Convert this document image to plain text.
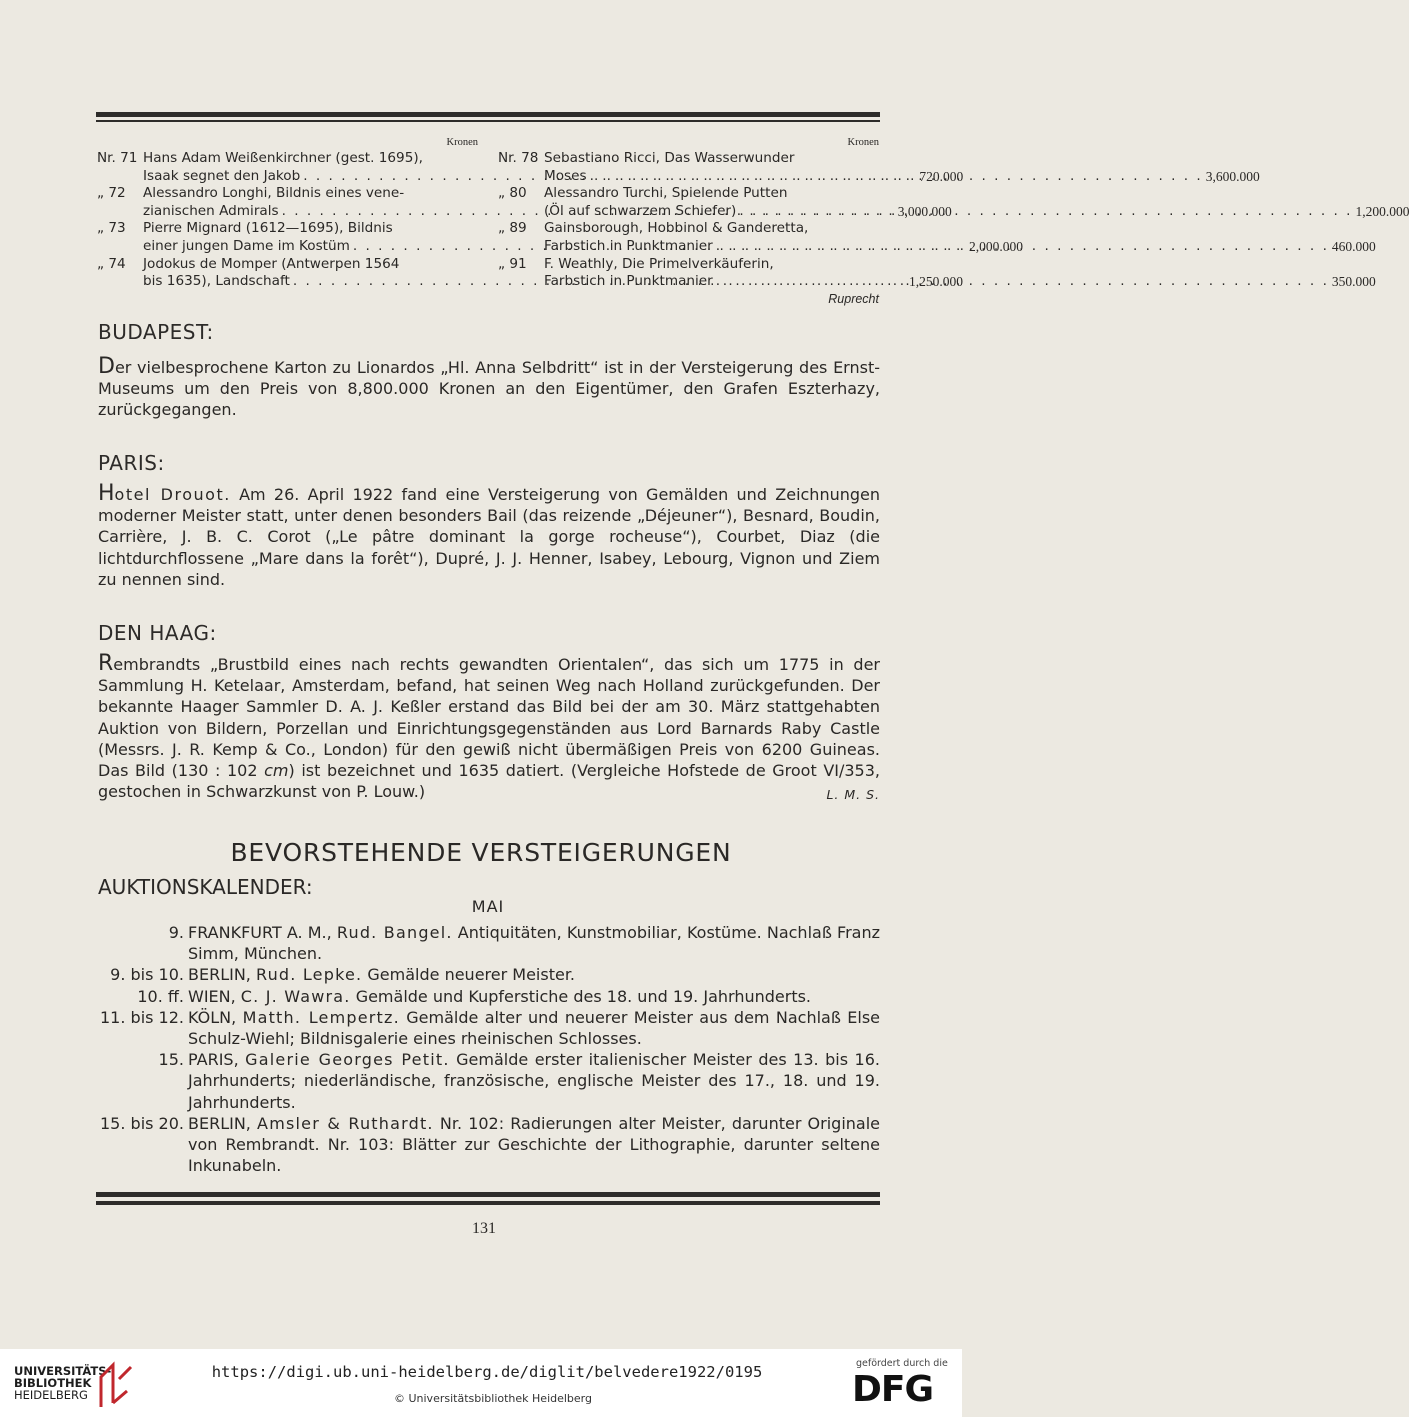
Kronen
Nr. 71 Hans Adam Weißenkirchner (gest. 1695),
Isaak segnet den Jakob . . .	720.000
„ 72	Alessandro Longhi, Bildnis eines vene-
zianischen Admirals . . .	3,000.000
„ 73	Pierre Mignard (1612—1695), Bildnis
einer jungen Dame im Kostüm . . .	2,000.000
„ 74	Jodokus de Momper (Antwerpen 1564
bis 1635), Landschaft . . .	1,250.000
Kronen
Nr. 78 Sebastiano Ricci, Das Wasserwunder
Moses . . .	3,600.000
„ 80	Alessandro Turchi, Spielende Putten
(Öl auf schwarzem Schiefer) . . .	1,200.000
„ 89	Gainsborough, Hobbinol & Ganderetta,
Farbstich in Punktmanier . . .	460.000
„ 91	F. Weathly, Die Primelverkäuferin,
Farbstich in Punktmanier . . .	350.000
Ruprecht
BUDAPEST:
Der vielbesprochene Karton zu Lionardos „Hl. Anna Selbdritt“ ist in der Versteigerung des Ernst-Museums um den Preis von 8,800.000 Kronen an den Eigentümer, den Grafen Eszterhazy, zurückgegangen.
PARIS:
Hotel Drouot. Am 26. April 1922 fand eine Versteigerung von Gemälden und Zeichnungen moderner Meister statt, unter denen besonders Bail (das reizende „Déjeuner“), Besnard, Boudin, Carrière, J. B. C. Corot („Le pâtre dominant la gorge rocheuse“), Courbet, Diaz (die lichtdurchflossene „Mare dans la forêt“), Dupré, J. J. Henner, Isabey, Lebourg, Vignon und Ziem zu nennen sind.
DEN HAAG:
Rembrandts „Brustbild eines nach rechts gewandten Orientalen“, das sich um 1775 in der Sammlung H. Ketelaar, Amsterdam, befand, hat seinen Weg nach Holland zurückgefunden. Der bekannte Haager Sammler D. A. J. Keßler erstand das Bild bei der am 30. März stattgehabten Auktion von Bildern, Porzellan und Einrichtungsgegenständen aus Lord Barnards Raby Castle (Messrs. J. R. Kemp & Co., London) für den gewiß nicht übermäßigen Preis von 6200 Guineas. Das Bild (130 : 102 cm) ist bezeichnet und 1635 datiert. (Vergleiche Hofstede de Groot VI/353, gestochen in Schwarzkunst von P. Louw.)	L. M. S.
BEVORSTEHENDE VERSTEIGERUNGEN
AUKTIONSKALENDER:
MAI
9. FRANKFURT A. M., Rud. Bangel. Antiquitäten, Kunstmobiliar, Kostüme. Nachlaß Franz Simm, München.
9. bis 10. BERLIN, Rud. Lepke. Gemälde neuerer Meister.
10. ff. WIEN, C. J. Wawra. Gemälde und Kupferstiche des 18. und 19. Jahrhunderts.
11. bis 12. KÖLN, Matth. Lempertz. Gemälde alter und neuerer Meister aus dem Nachlaß Else Schulz-Wiehl; Bildnisgalerie eines rheinischen Schlosses.
15. PARIS, Galerie Georges Petit. Gemälde erster italienischer Meister des 13. bis 16. Jahrhunderts; niederländische, französische, englische Meister des 17., 18. und 19. Jahrhunderts.
15. bis 20. BERLIN, Amsler & Ruthardt. Nr. 102: Radierungen alter Meister, darunter Originale von Rembrandt. Nr. 103: Blätter zur Geschichte der Lithographie, darunter seltene Inkunabeln.
131
UNIVERSITÄTS-
BIBLIOTHEK
HEIDELBERG
https://digi.ub.uni-heidelberg.de/diglit/belvedere1922/0195
© Universitätsbibliothek Heidelberg
gefördert durch die
DFG
